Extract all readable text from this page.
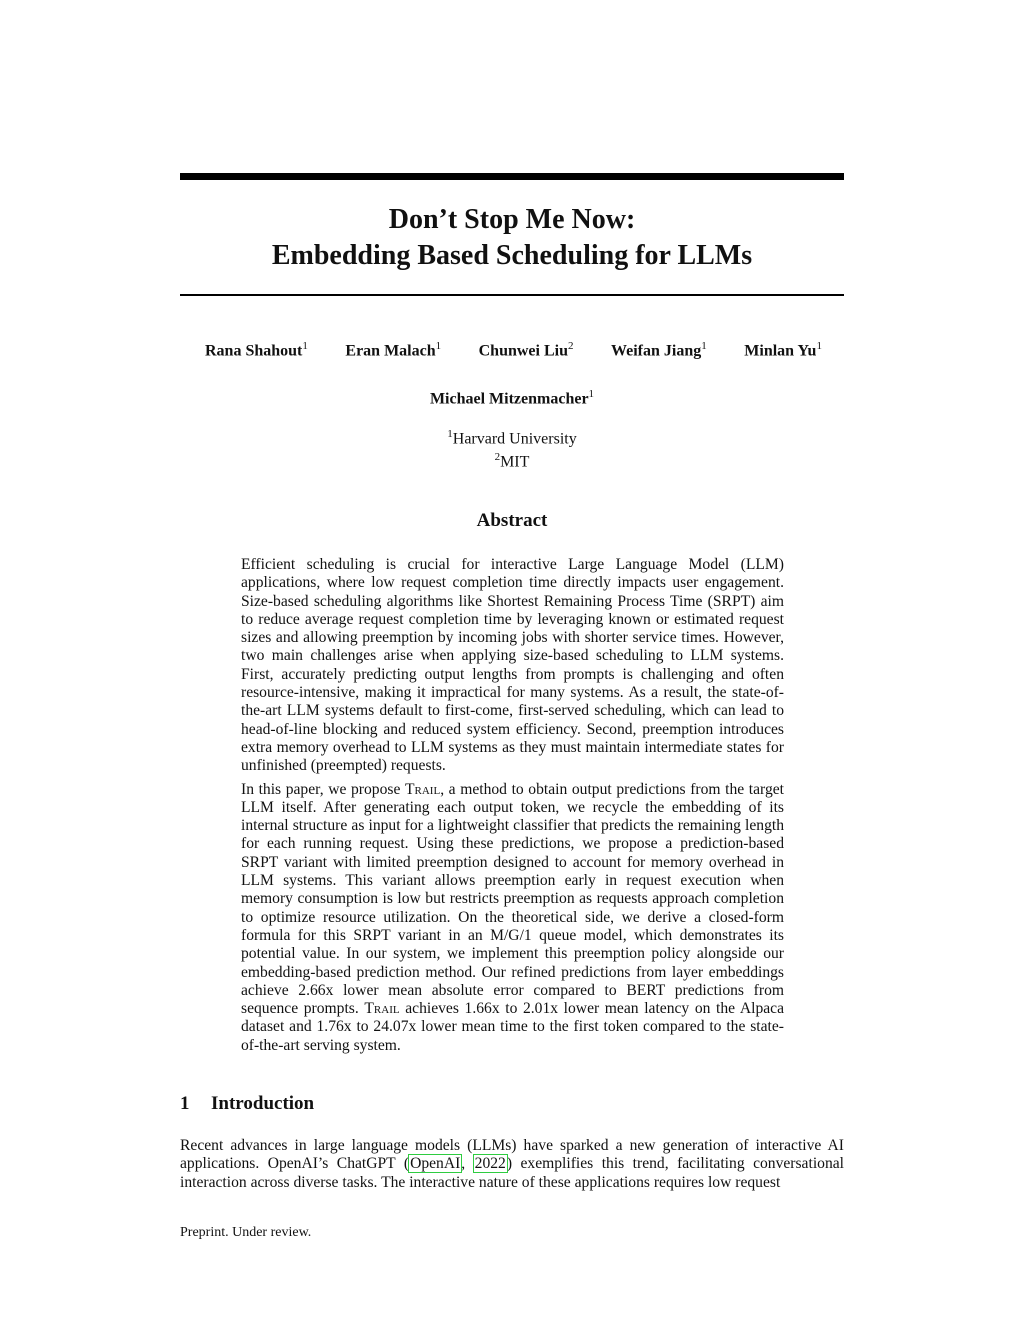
Don’t Stop Me Now:
Embedding Based Scheduling for LLMs
Rana Shahout$^1$ Eran Malach$^1$ Chunwei Liu$^2$ Weifan Jiang$^1$ Minlan Yu$^1$
Michael Mitzenmacher$^1$
$^1$Harvard University
$^2$MIT
Abstract

Efficient scheduling is crucial for interactive Large Language Model (LLM) applications, where low request completion time directly impacts user engagement. Size-based scheduling algorithms like Shortest Remaining Process Time (SRPT) aim to reduce average request completion time by leveraging known or estimated request sizes and allowing preemption by incoming jobs with shorter service times. However, two main challenges arise when applying size-based scheduling to LLM systems. First, accurately predicting output lengths from prompts is challenging and often resource-intensive, making it impractical for many systems. As a result, the state-of-the-art LLM systems default to first-come, first-served scheduling, which can lead to head-of-line blocking and reduced system efficiency. Second, preemption introduces extra memory overhead to LLM systems as they must maintain intermediate states for unfinished (preempted) requests.

In this paper, we propose Trail, a method to obtain output predictions from the target LLM itself. After generating each output token, we recycle the embedding of its internal structure as input for a lightweight classifier that predicts the remaining length for each running request. Using these predictions, we propose a prediction-based SRPT variant with limited preemption designed to account for memory overhead in LLM systems. This variant allows preemption early in request execution when memory consumption is low but restricts preemption as requests approach completion to optimize resource utilization. On the theoretical side, we derive a closed-form formula for this SRPT variant in an M/G/1 queue model, which demonstrates its potential value. In our system, we implement this preemption policy alongside our embedding-based prediction method. Our refined predictions from layer embeddings achieve 2.66x lower mean absolute error compared to BERT predictions from sequence prompts. Trail achieves 1.66x to 2.01x lower mean latency on the Alpaca dataset and 1.76x to 24.07x lower mean time to the first token compared to the state-of-the-art serving system.

1 Introduction

Recent advances in large language models (LLMs) have sparked a new generation of interactive AI applications. OpenAI’s ChatGPT (OpenAI, 2022) exemplifies this trend, facilitating conversational interaction across diverse tasks. The interactive nature of these applications requires low request

Preprint. Under review.
